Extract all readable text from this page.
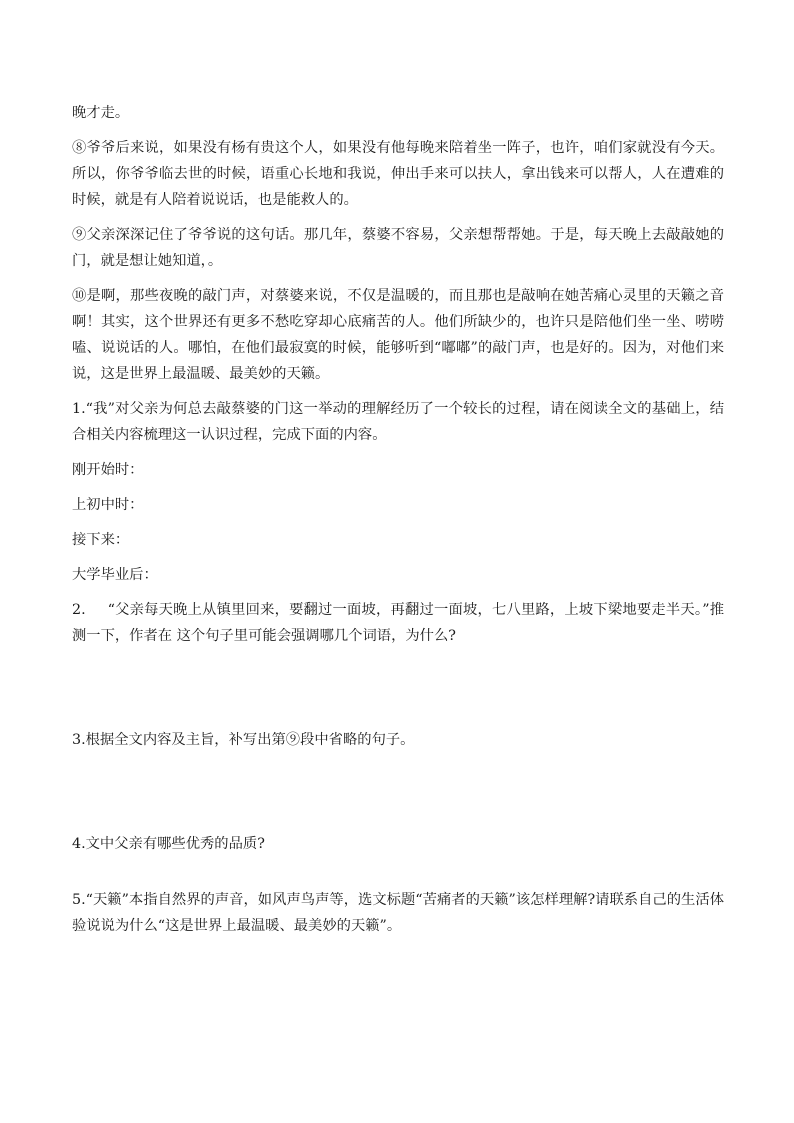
晚才走。

⑧爷爷后来说，如果没有杨有贵这个人，如果没有他每晚来陪着坐一阵子，也许，咱们家就没有今天。所以，你爷爷临去世的时候，语重心长地和我说，伸出手来可以扶人，拿出钱来可以帮人，人在遭难的时候，就是有人陪着说说话，也是能救人的。

⑨父亲深深记住了爷爷说的这句话。那几年，蔡婆不容易，父亲想帮帮她。于是，每天晚上去敲敲她的门，就是想让她知道，。

⑩是啊，那些夜晚的敲门声，对蔡婆来说，不仅是温暖的，而且那也是敲响在她苦痛心灵里的天籁之音啊！其实，这个世界还有更多不愁吃穿却心底痛苦的人。他们所缺少的，也许只是陪他们坐一坐、唠唠嗑、说说话的人。哪怕，在他们最寂寞的时候，能够听到“嘟嘟”的敲门声，也是好的。因为，对他们来说，这是世界上最温暖、最美妙的天籁。

1.“我”对父亲为何总去敲蔡婆的门这一举动的理解经历了一个较长的过程，请在阅读全文的基础上，结合相关内容梳理这一认识过程，完成下面的内容。

刚开始时：

上初中时：

接下来：

大学毕业后：

2. “父亲每天晚上从镇里回来，要翻过一面坡，再翻过一面坡，七八里路，上坡下梁地要走半天。”推测一下，作者在 这个句子里可能会强调哪几个词语，为什么?

3.根据全文内容及主旨，补写出第⑨段中省略的句子。

4.文中父亲有哪些优秀的品质?

5.“天籁”本指自然界的声音，如风声鸟声等，选文标题“苦痛者的天籁”该怎样理解?请联系自己的生活体验说说为什么“这是世界上最温暖、最美妙的天籁”。
